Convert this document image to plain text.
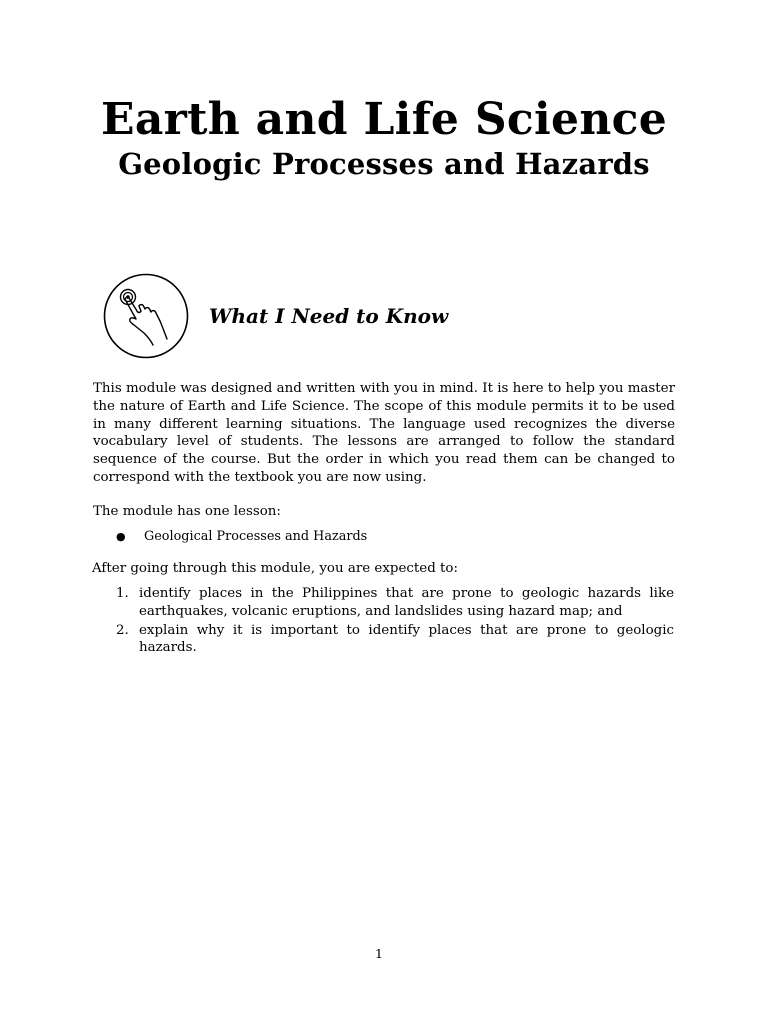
Earth and Life Science
Geologic Processes and Hazards
What I Need to Know

This module was designed and written with you in mind. It is here to help you master the nature of Earth and Life Science. The scope of this module permits it to be used in many different learning situations. The language used recognizes the diverse vocabulary level of students. The lessons are arranged to follow the standard sequence of the course. But the order in which you read them can be changed to correspond with the textbook you are now using.

The module has one lesson:

● Geological Processes and Hazards

After going through this module, you are expected to:

1. identify places in the Philippines that are prone to geologic hazards like earthquakes, volcanic eruptions, and landslides using hazard map; and
2. explain why it is important to identify places that are prone to geologic hazards.
1
